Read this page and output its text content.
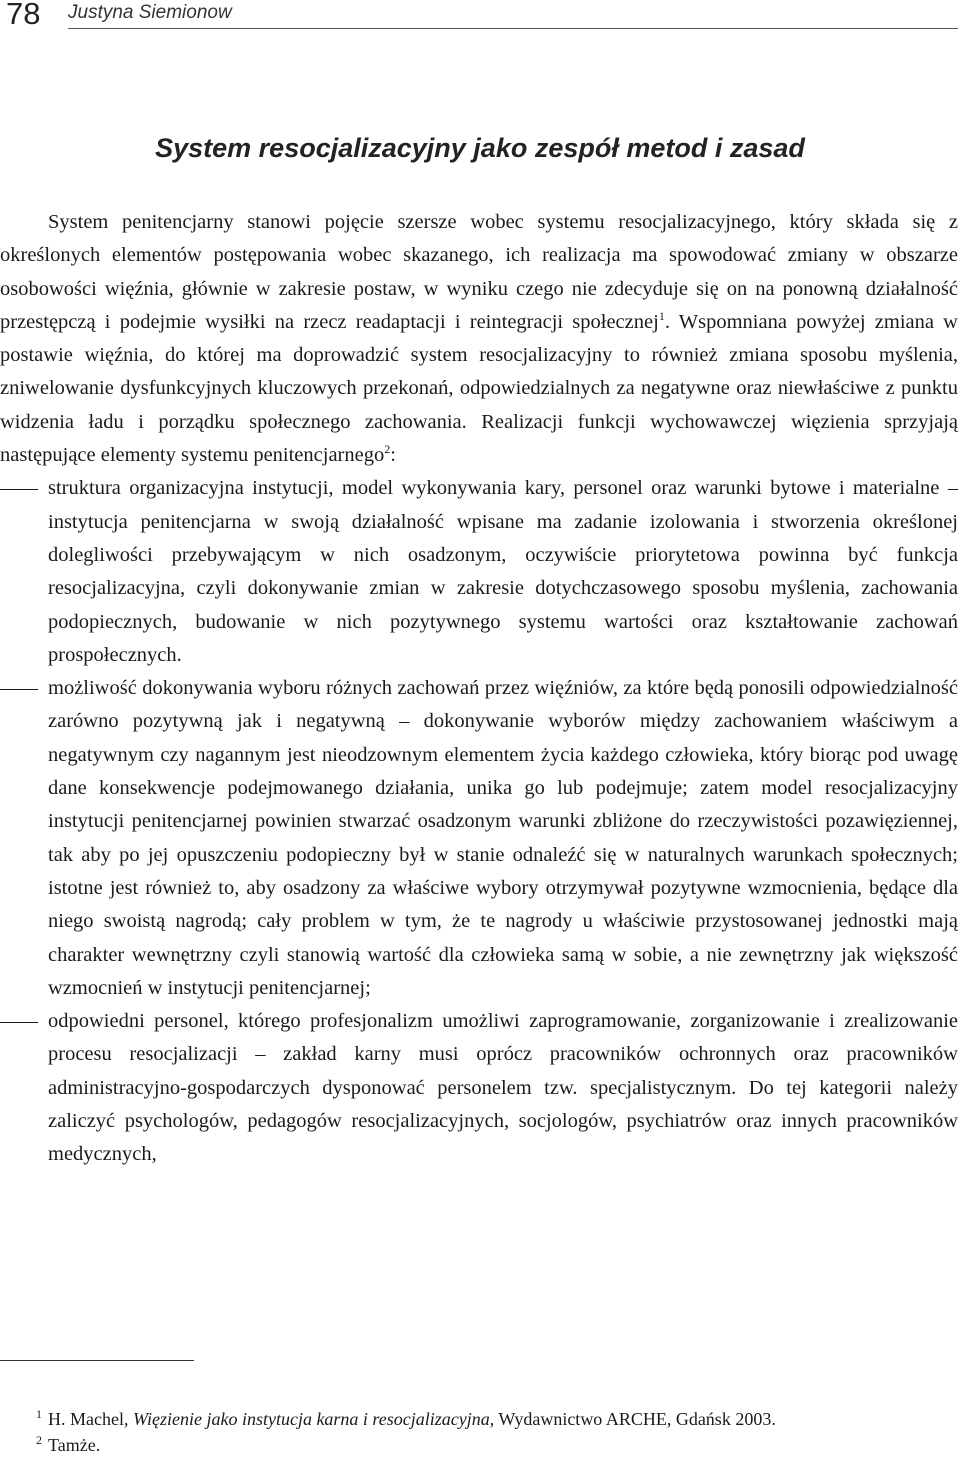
78 Justyna Siemionow
System resocjalizacyjny jako zespół metod i zasad

System penitencjarny stanowi pojęcie szersze wobec systemu resocjalizacyjnego, który składa się z określonych elementów postępowania wobec skazanego, ich realizacja ma spowodować zmiany w obszarze osobowości więźnia, głównie w zakresie postaw, w wyniku czego nie zdecyduje się on na ponowną działalność przestępczą i podejmie wysiłki na rzecz readaptacji i reintegracji społecznej$^1$. Wspomniana powyżej zmiana w postawie więźnia, do której ma doprowadzić system resocjalizacyjny to również zmiana sposobu myślenia, zniwelowanie dysfunkcyjnych kluczowych przekonań, odpowiedzialnych za negatywne oraz niewłaściwe z punktu widzenia ładu i porządku społecznego zachowania. Realizacji funkcji wychowawczej więzienia sprzyjają następujące elementy systemu penitencjarnego$^2$:

——
struktura organizacyjna instytucji, model wykonywania kary, personel oraz warunki bytowe i materialne – instytucja penitencjarna w swoją działalność wpisane ma zadanie izolowania i stworzenia określonej dolegliwości przebywającym w nich osadzonym, oczywiście priorytetowa powinna być funkcja resocjalizacyjna, czyli dokonywanie zmian w zakresie dotychczasowego sposobu myślenia, zachowania podopiecznych, budowanie w nich pozytywnego systemu wartości oraz kształtowanie zachowań prospołecznych.
——
możliwość dokonywania wyboru różnych zachowań przez więźniów, za które będą ponosili odpowiedzialność zarówno pozytywną jak i negatywną – dokonywanie wyborów między zachowaniem właściwym a negatywnym czy nagannym jest nieodzownym elementem życia każdego człowieka, który biorąc pod uwagę dane konsekwencje podejmowanego działania, unika go lub podejmuje; zatem model resocjalizacyjny instytucji penitencjarnej powinien stwarzać osadzonym warunki zbliżone do rzeczywistości pozawięziennej, tak aby po jej opuszczeniu podopieczny był w stanie odnaleźć się w naturalnych warunkach społecznych; istotne jest również to, aby osadzony za właściwe wybory otrzymywał pozytywne wzmocnienia, będące dla niego swoistą nagrodą; cały problem w tym, że te nagrody u właściwie przystosowanej jednostki mają charakter wewnętrzny czyli stanowią wartość dla człowieka samą w sobie, a nie zewnętrzny jak większość wzmocnień w instytucji penitencjarnej;
——
odpowiedni personel, którego profesjonalizm umożliwi zaprogramowanie, zorganizowanie i zrealizowanie procesu resocjalizacji – zakład karny musi oprócz pracowników ochronnych oraz pracowników administracyjno-gospodarczych dysponować personelem tzw. specjalistycznym. Do tej kategorii należy zaliczyć psychologów, pedagogów resocjalizacyjnych, socjologów, psychiatrów oraz innych pracowników medycznych,
1 H. Machel, Więzienie jako instytucja karna i resocjalizacyjna, Wydawnictwo ARCHE, Gdańsk 2003.
2 Tamże.
